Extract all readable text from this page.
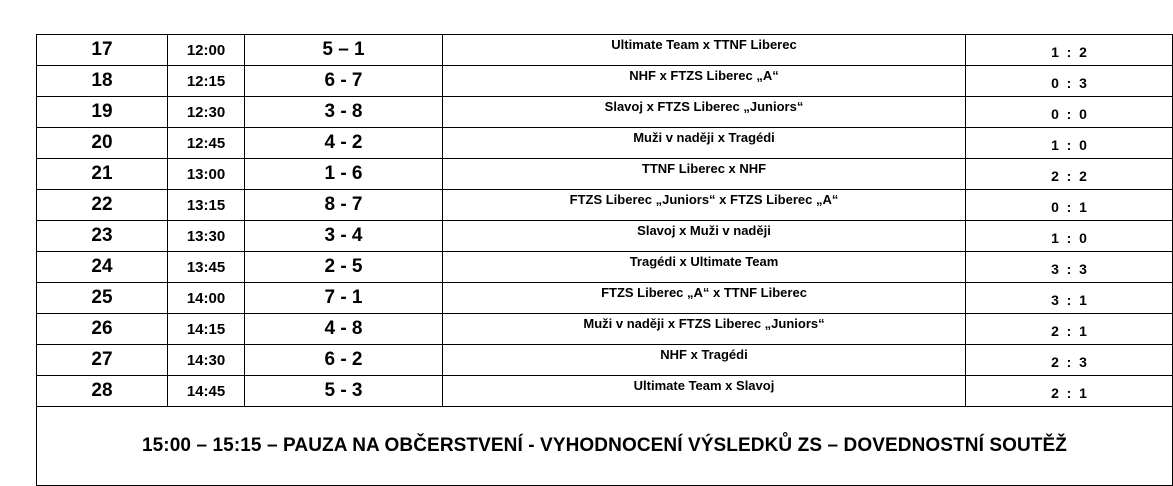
17	12:00	5 – 1	Ultimate Team x TTNF Liberec	1 : 2
18	12:15	6 - 7	NHF x FTZS Liberec „A“	0 : 3
19	12:30	3 - 8	Slavoj x FTZS Liberec „Juniors“	0 : 0
20	12:45	4 - 2	Muži v naději x Tragédi	1 : 0
21	13:00	1 - 6	TTNF Liberec x NHF	2 : 2
22	13:15	8 - 7	FTZS Liberec „Juniors“ x FTZS Liberec „A“	0 : 1
23	13:30	3 - 4	Slavoj x Muži v naději	1 : 0
24	13:45	2 - 5	Tragédi x Ultimate Team	3 : 3
25	14:00	7 - 1	FTZS Liberec „A“ x TTNF Liberec	3 : 1
26	14:15	4 - 8	Muži v naději x FTZS Liberec „Juniors“	2 : 1
27	14:30	6 - 2	NHF x Tragédi	2 : 3
28	14:45	5 - 3	Ultimate Team x Slavoj	2 : 1
15:00 – 15:15 – PAUZA NA OBČERSTVENÍ - VYHODNOCENÍ VÝSLEDKŮ ZS – DOVEDNOSTNÍ SOUTĚŽ				
